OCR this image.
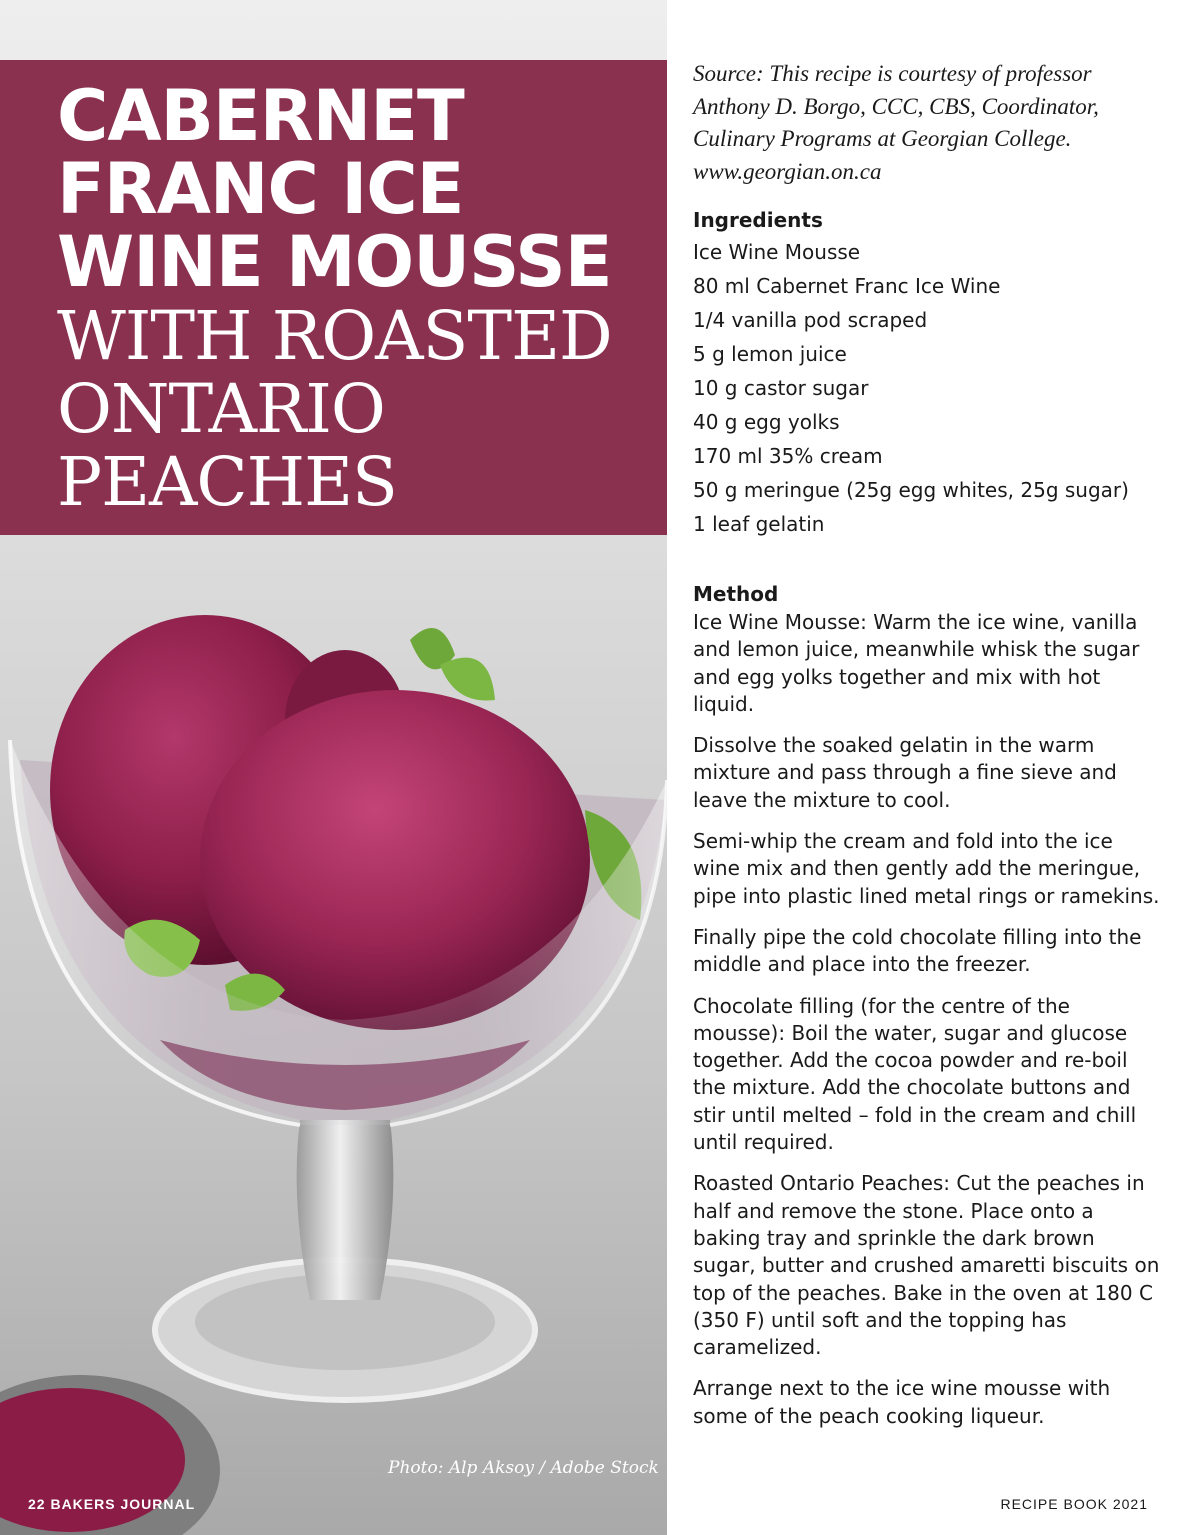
CABERNET
FRANC ICE
WINE MOUSSE
WITH ROASTED
ONTARIO
PEACHES
Photo: Alp Aksoy / Adobe Stock
22 BAKERS JOURNAL

Source: This recipe is courtesy of professor Anthony D. Borgo, CCC, CBS, Coordinator, Culinary Programs at Georgian College. www.georgian.on.ca

Ingredients
Ice Wine Mousse
80 ml Cabernet Franc Ice Wine
1/4 vanilla pod scraped
5 g lemon juice
10 g castor sugar
40 g egg yolks
170 ml 35% cream
50 g meringue (25g egg whites, 25g sugar)
1 leaf gelatin
Method

Ice Wine Mousse: Warm the ice wine, vanilla and lemon juice, meanwhile whisk the sugar and egg yolks together and mix with hot liquid.

Dissolve the soaked gelatin in the warm mixture and pass through a fine sieve and leave the mixture to cool.

Semi-whip the cream and fold into the ice wine mix and then gently add the meringue, pipe into plastic lined metal rings or ramekins.

Finally pipe the cold chocolate filling into the middle and place into the freezer.

Chocolate filling (for the centre of the mousse): Boil the water, sugar and glucose together. Add the cocoa powder and re-boil the mixture. Add the chocolate buttons and stir until melted – fold in the cream and chill until required.

Roasted Ontario Peaches: Cut the peaches in half and remove the stone. Place onto a baking tray and sprinkle the dark brown sugar, butter and crushed amaretti biscuits on top of the peaches. Bake in the oven at 180 C (350 F) until soft and the topping has caramelized.

Arrange next to the ice wine mousse with some of the peach cooking liqueur.

RECIPE BOOK 2021
